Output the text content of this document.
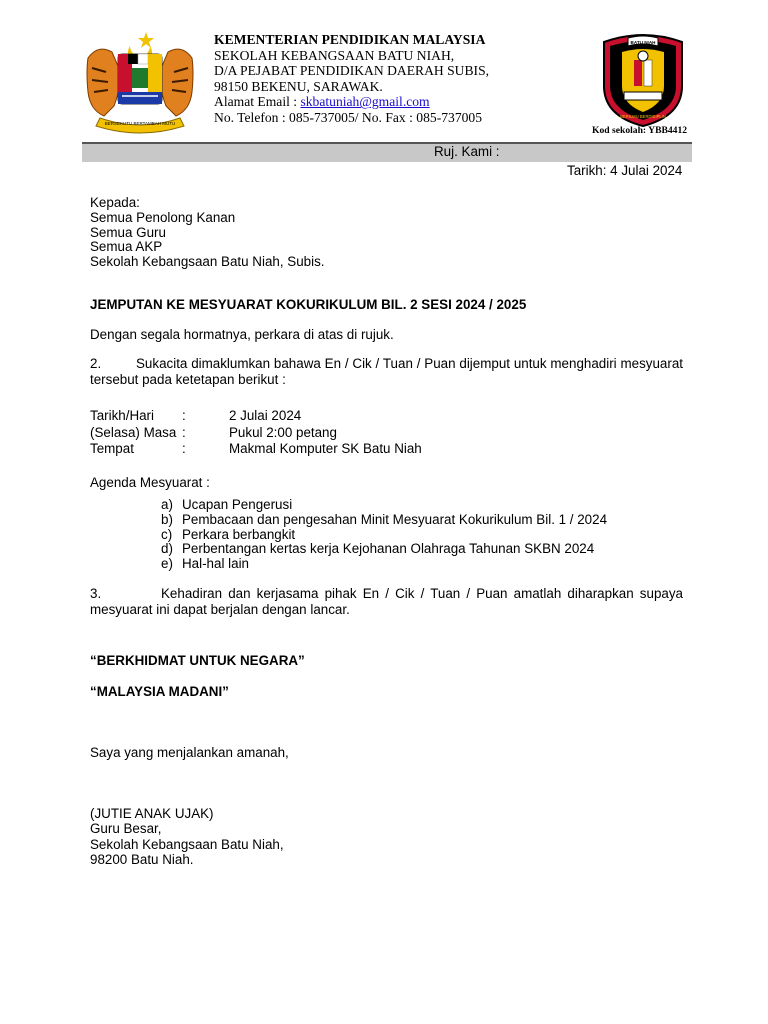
BERSEKUTU BERTAMBAH MUTU
KEMENTERIAN PENDIDIKAN MALAYSIA
SEKOLAH KEBANGSAAN BATU NIAH,
D/A PEJABAT PENDIDIKAN DAERAH SUBIS,
98150 BEKENU, SARAWAK.
Alamat Email : skbatuniah@gmail.com
No. Telefon : 085-737005/ No. Fax : 085-737005
BATU NIAH
BERILMU BERDISIPLIN
Kod sekolah: YBB4412
Ruj. Kami :
Tarikh: 4 Julai 2024
Kepada:
Semua Penolong Kanan
Semua Guru
Semua AKP
Sekolah Kebangsaan Batu Niah, Subis.
JEMPUTAN KE MESYUARAT KOKURIKULUM BIL. 2 SESI 2024 / 2025
Dengan segala hormatnya, perkara di atas di rujuk.
2.	Sukacita dimaklumkan bahawa En / Cik / Tuan / Puan dijemput untuk menghadiri mesyuarat tersebut pada ketetapan berikut :
Tarikh/Hari :	2 Julai 2024
(Selasa) Masa :	Pukul 2:00 petang
Tempat	:	Makmal Komputer SK Batu Niah
Agenda Mesyuarat :
a) Ucapan Pengerusi
b) Pembacaan dan pengesahan Minit Mesyuarat Kokurikulum Bil. 1 / 2024
c) Perkara berbangkit
d) Perbentangan kertas kerja Kejohanan Olahraga Tahunan SKBN 2024
e) Hal-hal lain
3.	Kehadiran dan kerjasama pihak En / Cik / Tuan / Puan amatlah diharapkan supaya mesyuarat ini dapat berjalan dengan lancar.
“BERKHIDMAT UNTUK NEGARA”
“MALAYSIA MADANI”
Saya yang menjalankan amanah,
(JUTIE ANAK UJAK)
Guru Besar,
Sekolah Kebangsaan Batu Niah,
98200 Batu Niah.
